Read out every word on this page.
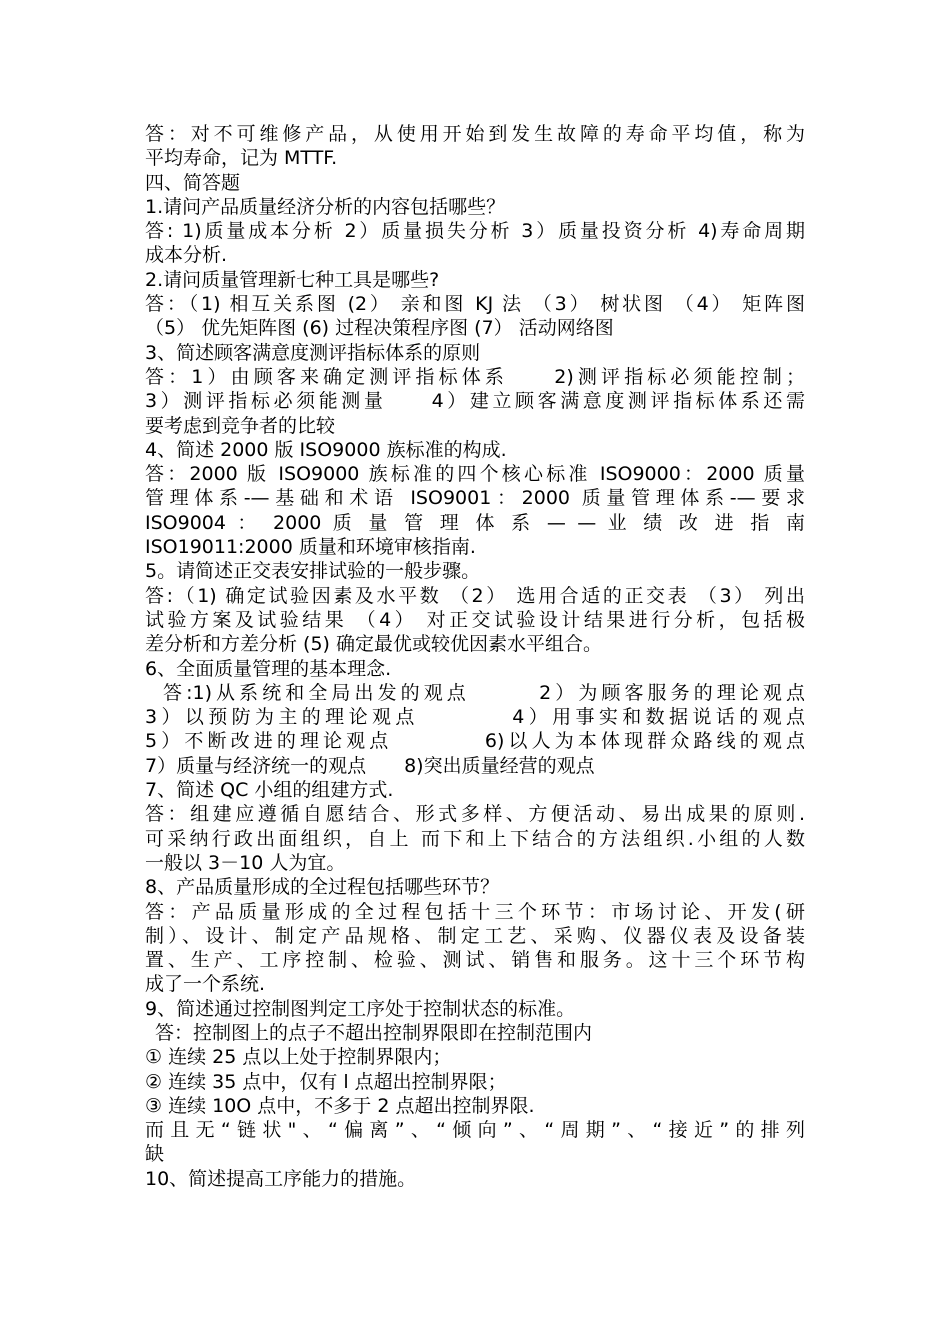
答：对不可维修产品，从使用开始到发生故障的寿命平均值，称为
平均寿命，记为 MTTF.
四、简答题
1.请问产品质量经济分析的内容包括哪些？
答: 1)质量成本分析 2）质量损失分析 3）质量投资分析 4)寿命周期
成本分析.
2.请问质量管理新七种工具是哪些?
答：（1) 相互关系图 (2） 亲和图 KJ 法 （3） 树状图 （4） 矩阵图
（5） 优先矩阵图 (6) 过程决策程序图 (7） 活动网络图
3、简述顾客满意度测评指标体系的原则
答：1）由顾客来确定测评指标体系　　2)测评指标必须能控制；
3）测评指标必须能测量　　4）建立顾客满意度测评指标体系还需
要考虑到竞争者的比较
4、简述 2000 版 ISO9000 族标准的构成.
答：2000 版 ISO9000 族标准的四个核心标准 ISO9000：2000 质量
管理体系-—基础和术语 ISO9001：2000 质量管理体系-—要求
ISO9004 ： 2000 质 量 管 理 体 系 — — 业 绩 改 进 指 南
ISO19011:2000 质量和环境审核指南.
5。请简述正交表安排试验的一般步骤。
答:（1) 确定试验因素及水平数 （2） 选用合适的正交表 （3） 列出
试验方案及试验结果 （4） 对正交试验设计结果进行分析，包括极
差分析和方差分析 (5) 确定最优或较优因素水平组合。
6、全面质量管理的基本理念.
答:1)从系统和全局出发的观点　　　2）为顾客服务的理论观点
3）以预防为主的理论观点　　　　4）用事实和数据说话的观点
5）不断改进的理论观点　　　　6)以人为本体现群众路线的观点
7）质量与经济统一的观点　　8)突出质量经营的观点
7、简述 QC 小组的组建方式.
答：组建应遵循自愿结合、形式多样、方便活动、易出成果的原则.
可采纳行政出面组织，自上 而下和上下结合的方法组织.小组的人数
一般以 3－10 人为宜。
8、产品质量形成的全过程包括哪些环节？
答：产品质量形成的全过程包括十三个环节：市场讨论、开发(研
制）、设计、制定产品规格、制定工艺、采购、仪器仪表及设备装
置、生产、工序控制、检验、测试、销售和服务。这十三个环节构
成了一个系统.
9、简述通过控制图判定工序处于控制状态的标准。
答：控制图上的点子不超出控制界限即在控制范围内
① 连续 25 点以上处于控制界限内；
② 连续 35 点中，仅有 l 点超出控制界限；
③ 连续 10O 点中，不多于 2 点超出控制界限.
而且无“链状"、“偏离”、“倾向”、“周期”、“接近”的排列
缺
10、简述提高工序能力的措施。
